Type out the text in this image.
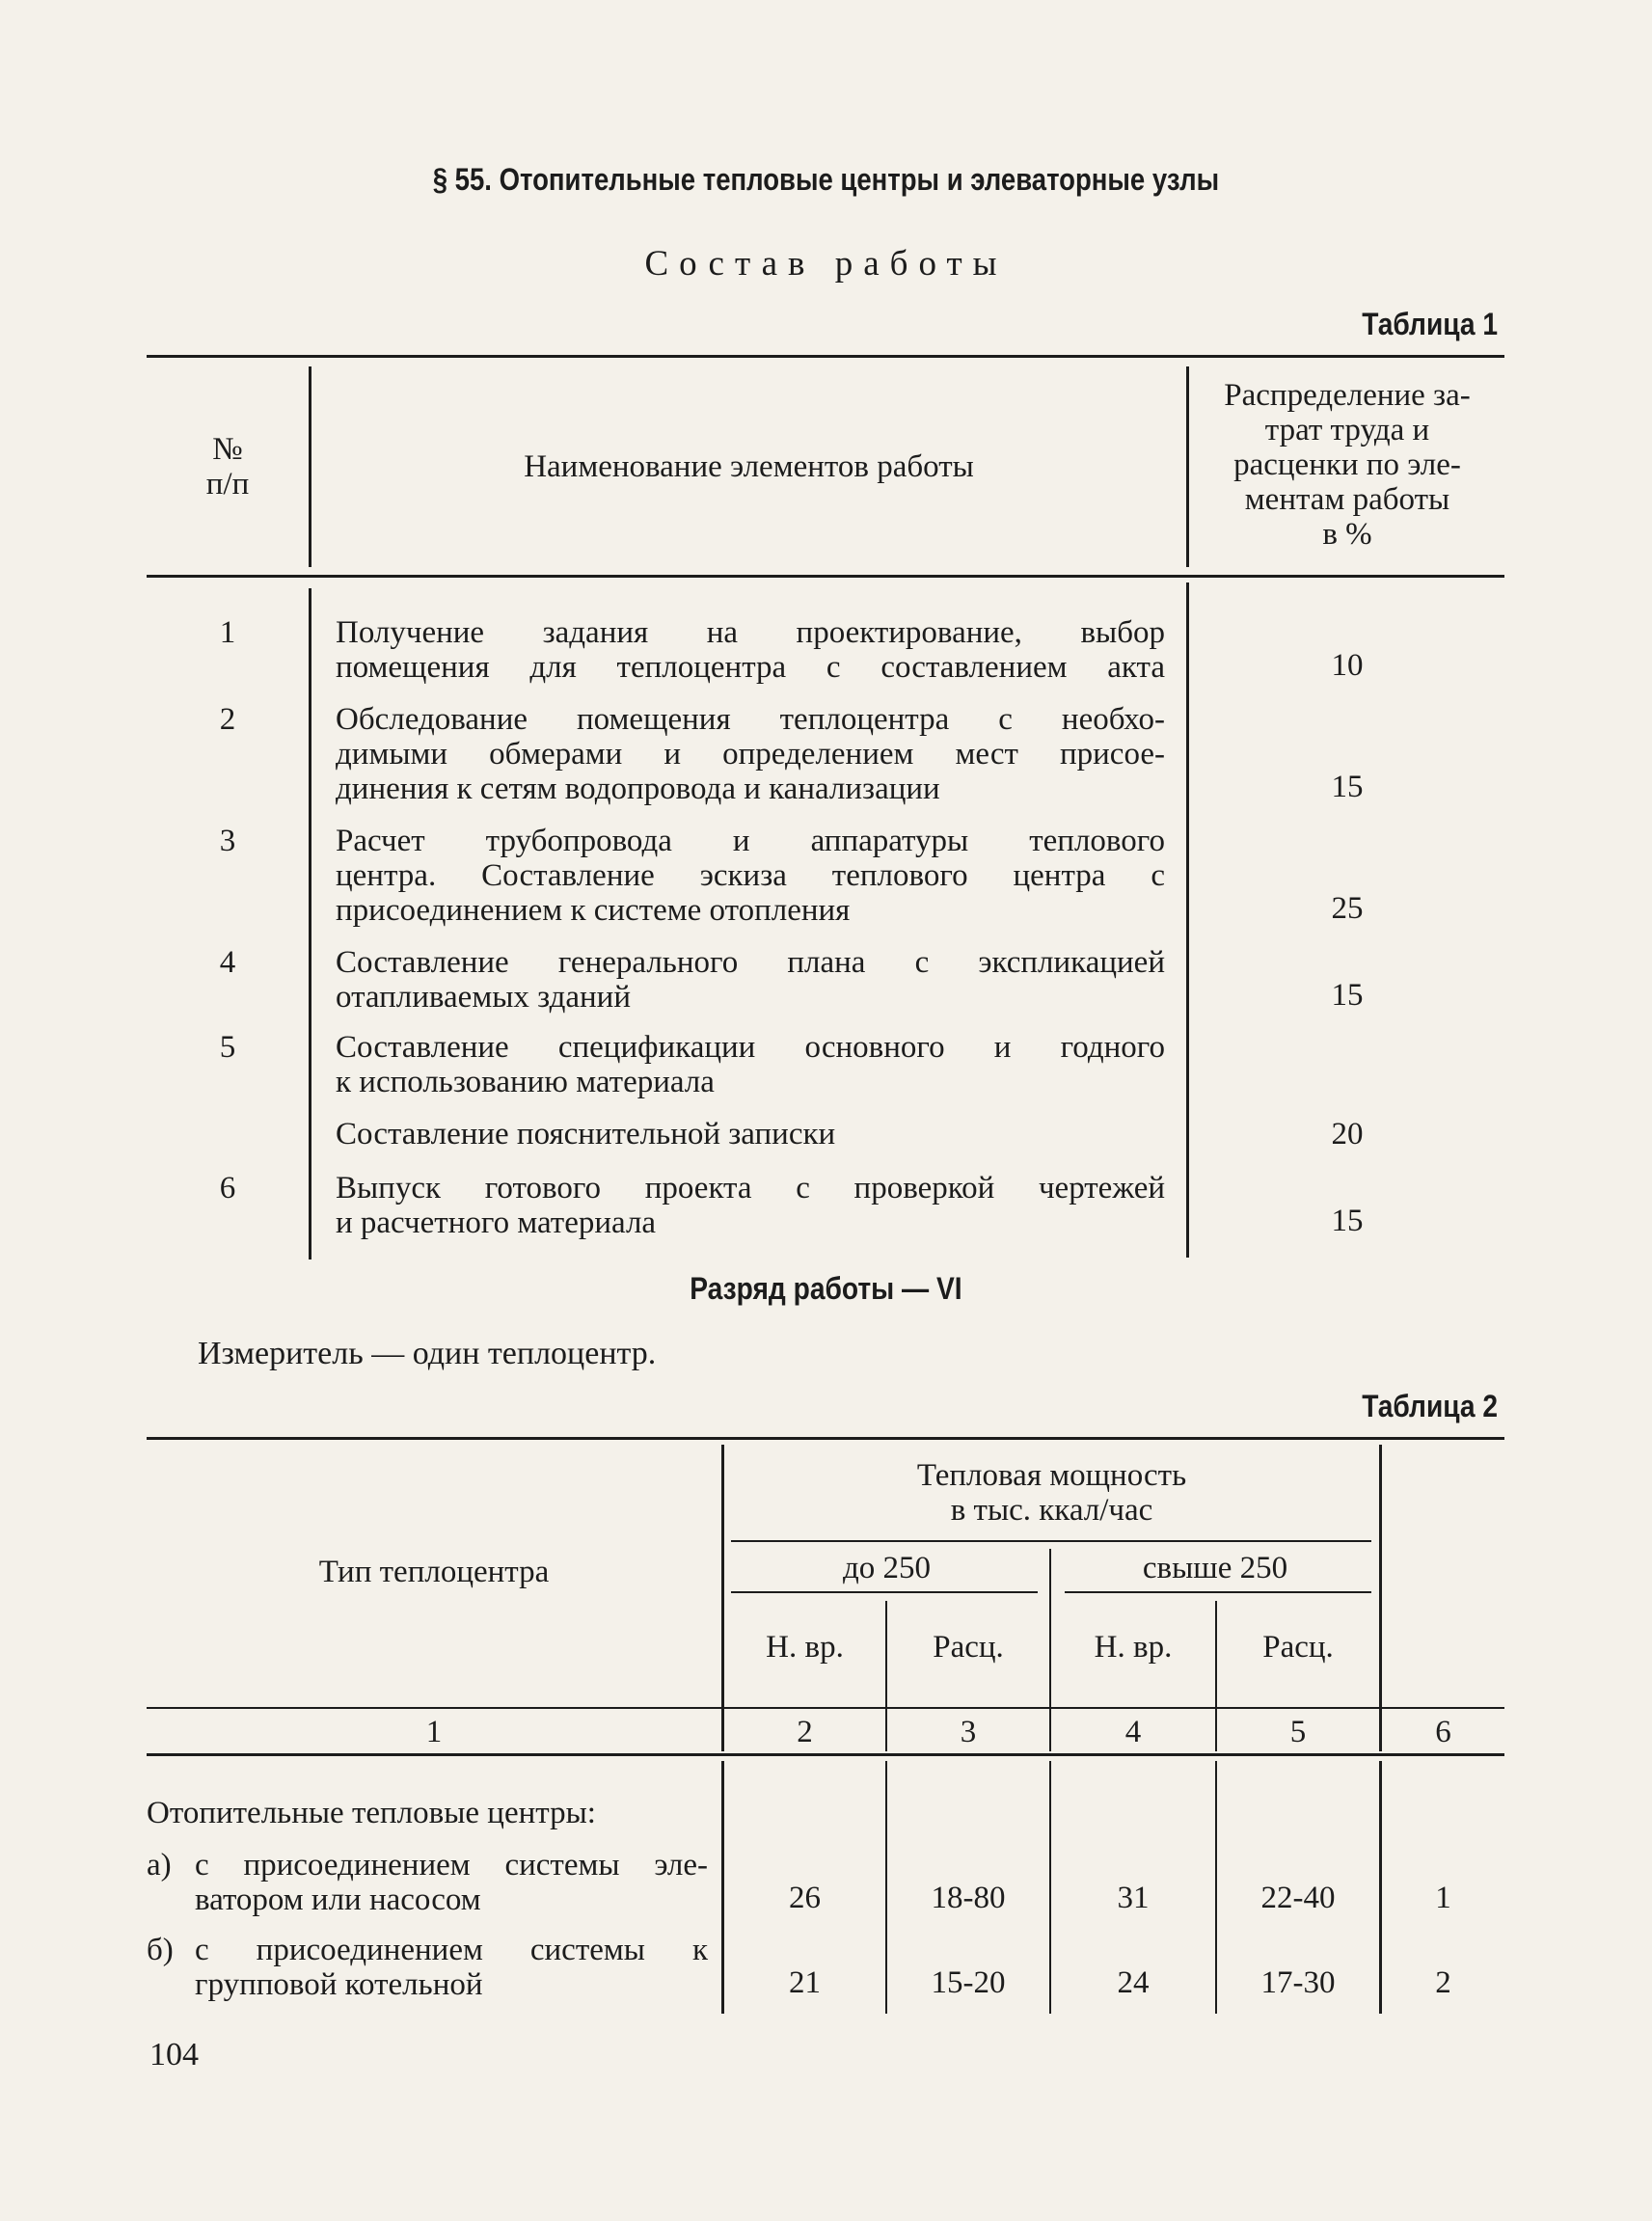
§ 55. Отопительные тепловые центры и элеваторные узлы
Состав работы
Таблица 1
№
п/п	Наименование элементов работы
Распределение за-
трат труда и
расценки по эле-
ментам работы
в %
1	Получение задания на проектирование, выбор
помещения для теплоцентра с составлением акта	10
2	Обследование помещения теплоцентра с необхо-
димыми обмерами и определением мест присое-
динения к сетям водопровода и канализации	15
3	Расчет трубопровода и аппаратуры теплового
центра. Составление эскиза теплового центра с
присоединением к системе отопления	25
4	Составление генерального плана с экспликацией
отапливаемых зданий	15
5	Составление спецификации основного и годного
к использованию материала
Составление пояснительной записки	20
6	Выпуск готового проекта с проверкой чертежей
и расчетного материала	15
Разряд работы — VI
Измеритель — один теплоцентр.
Таблица 2
Тип теплоцентра
Тепловая мощность
в тыс. ккал/час
до 250	свыше 250
Н. вр.	Расц.	Н. вр.	Расц.
1	2	3	4	5	6
Отопительные тепловые центры:
а) с присоединением системы эле-
ватором или насосом	26	18-80	31	22-40	1
б) с присоединением системы к
групповой котельной	21	15-20	24	17-30	2
104
